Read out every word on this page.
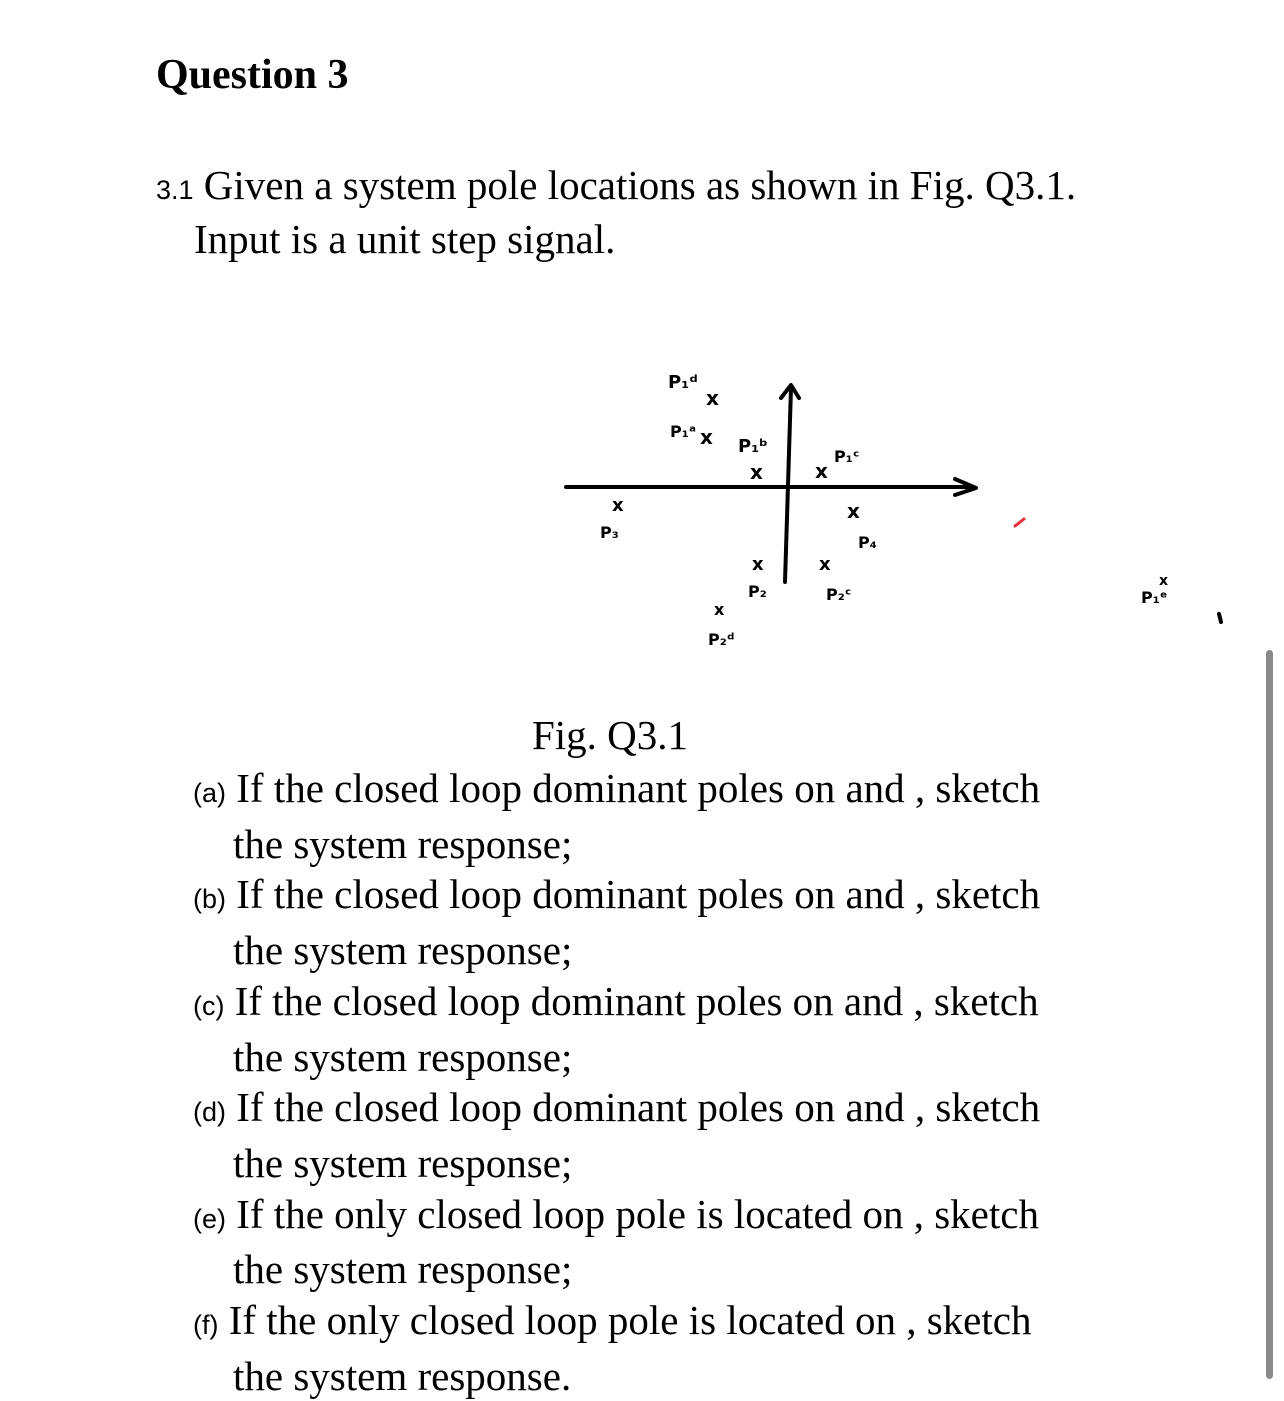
Question 3
3.1 Given a system pole locations as shown in Fig. Q3.1.
Input is a unit step signal.
x
x
x	x
x
x
x	x
x
x
P₁ᵈ
P₁ᵃ
P₁ᵇ	P₁ᶜ
P₄
P₃
P₂	P₂ᶜ
P₂ᵈ
P₁ᵉ
Fig. Q3.1

(a) If the closed loop dominant poles on and , sketch
the system response;

(b) If the closed loop dominant poles on and , sketch
the system response;

(c) If the closed loop dominant poles on and , sketch
the system response;

(d) If the closed loop dominant poles on and , sketch
the system response;

(e) If the only closed loop pole is located on , sketch
the system response;

(f) If the only closed loop pole is located on , sketch
the system response.
